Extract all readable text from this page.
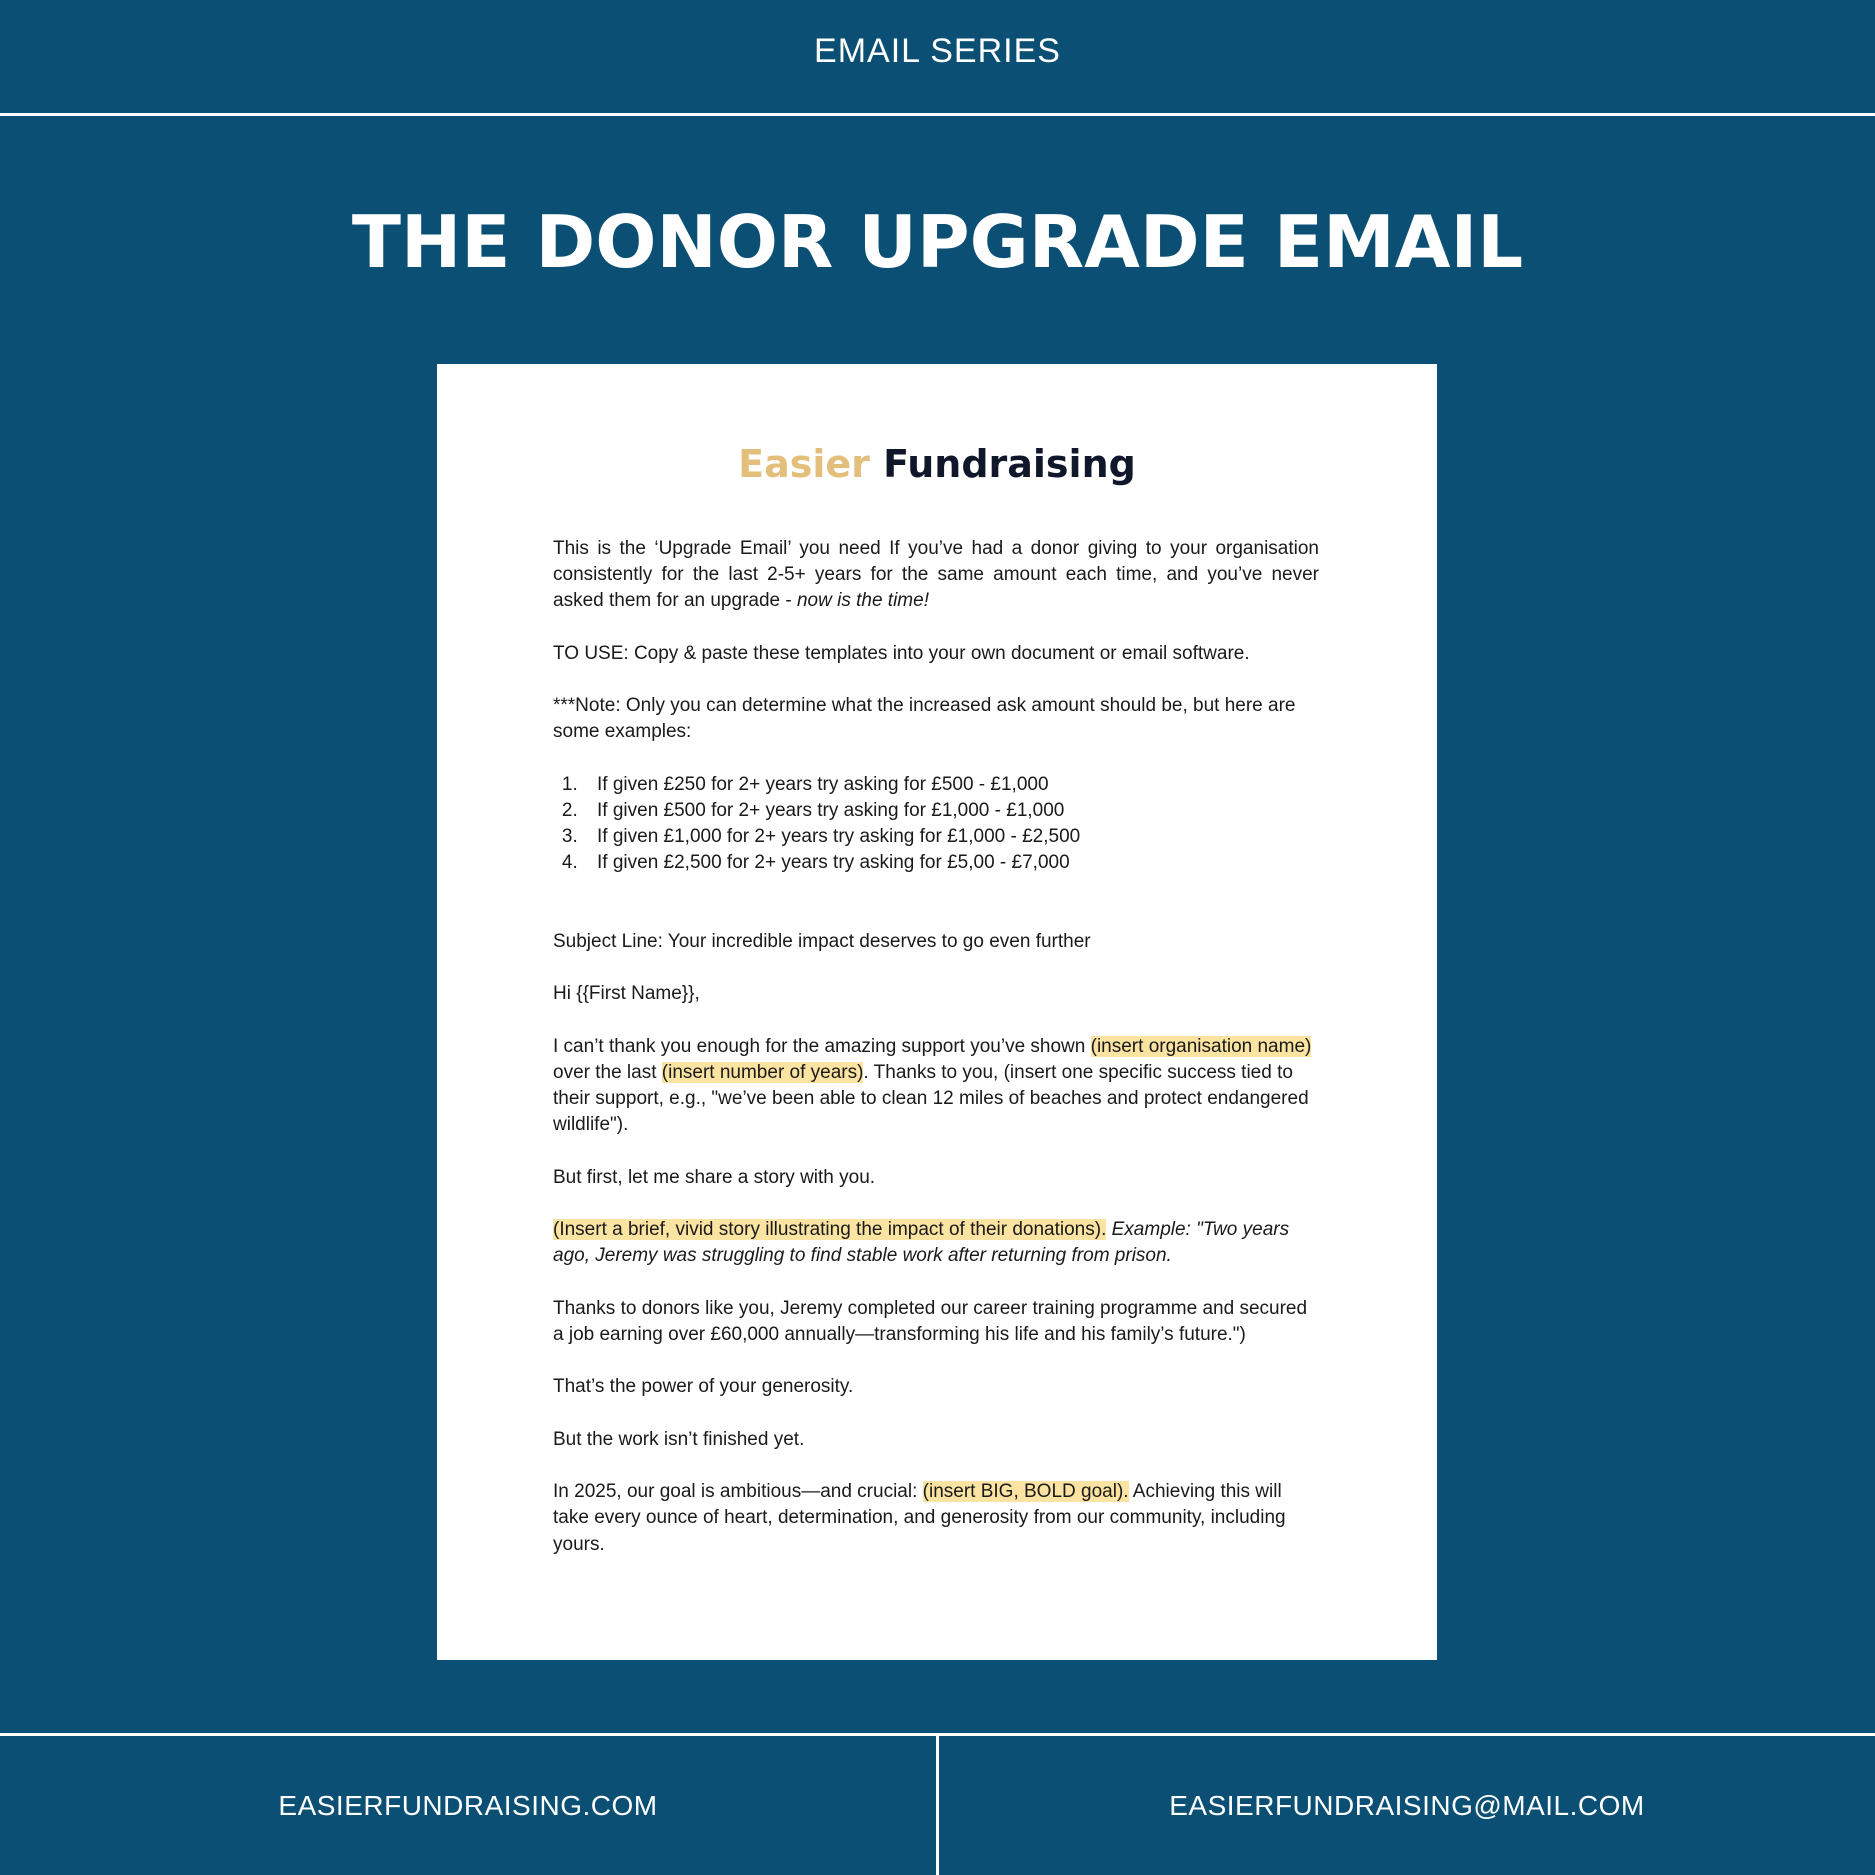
EMAIL SERIES
THE DONOR UPGRADE EMAIL
Easier Fundraising

This is the ‘Upgrade Email’ you need If you’ve had a donor giving to your organisation consistently for the last 2-5+ years for the same amount each time, and you’ve never asked them for an upgrade - now is the time!

TO USE: Copy & paste these templates into your own document or email software.

***Note: Only you can determine what the increased ask amount should be, but here are some examples:

1. If given £250 for 2+ years try asking for £500 - £1,000
2. If given £500 for 2+ years try asking for £1,000 - £1,000
3. If given £1,000 for 2+ years try asking for £1,000 - £2,500
4. If given £2,500 for 2+ years try asking for £5,00 - £7,000

Subject Line: Your incredible impact deserves to go even further

Hi {{First Name}},

I can’t thank you enough for the amazing support you’ve shown (insert organisation name) over the last (insert number of years). Thanks to you, (insert one specific success tied to their support, e.g., "we’ve been able to clean 12 miles of beaches and protect endangered wildlife").

But first, let me share a story with you.

(Insert a brief, vivid story illustrating the impact of their donations). Example: "Two years ago, Jeremy was struggling to find stable work after returning from prison.

Thanks to donors like you, Jeremy completed our career training programme and secured a job earning over £60,000 annually—transforming his life and his family’s future.")

That’s the power of your generosity.

But the work isn’t finished yet.

In 2025, our goal is ambitious—and crucial: (insert BIG, BOLD goal). Achieving this will take every ounce of heart, determination, and generosity from our community, including yours.

EASIERFUNDRAISING.COM	EASIERFUNDRAISING@MAIL.COM
